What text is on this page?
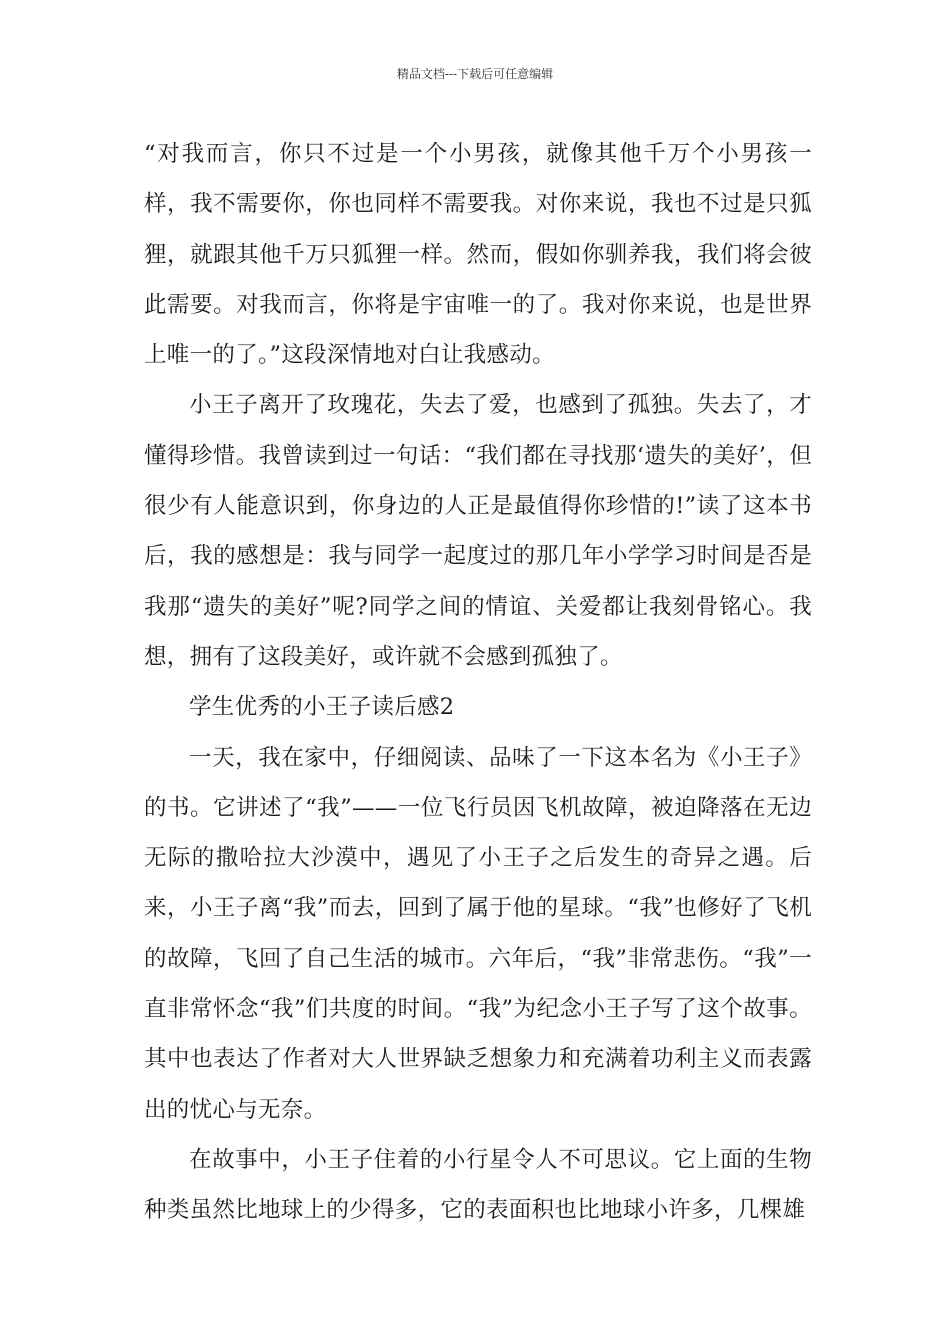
精品文档---下载后可任意编辑

“对我而言，你只不过是一个小男孩，就像其他千万个小男孩一样，我不需要你，你也同样不需要我。对你来说，我也不过是只狐狸，就跟其他千万只狐狸一样。然而，假如你驯养我，我们将会彼此需要。对我而言，你将是宇宙唯一的了。我对你来说，也是世界上唯一的了。”这段深情地对白让我感动。

小王子离开了玫瑰花，失去了爱，也感到了孤独。失去了，才懂得珍惜。我曾读到过一句话：“我们都在寻找那‘遗失的美好’，但很少有人能意识到，你身边的人正是最值得你珍惜的!”读了这本书后，我的感想是：我与同学一起度过的那几年小学学习时间是否是我那“遗失的美好”呢?同学之间的情谊、关爱都让我刻骨铭心。我想，拥有了这段美好，或许就不会感到孤独了。

学生优秀的小王子读后感2

一天，我在家中，仔细阅读、品味了一下这本名为《小王子》的书。它讲述了“我”——一位飞行员因飞机故障，被迫降落在无边无际的撒哈拉大沙漠中，遇见了小王子之后发生的奇异之遇。后来，小王子离“我”而去，回到了属于他的星球。“我”也修好了飞机的故障，飞回了自己生活的城市。六年后，“我”非常悲伤。“我”一直非常怀念“我”们共度的时间。“我”为纪念小王子写了这个故事。其中也表达了作者对大人世界缺乏想象力和充满着功利主义而表露出的忧心与无奈。

在故事中，小王子住着的小行星令人不可思议。它上面的生物种类虽然比地球上的少得多，它的表面积也比地球小许多，几棵雄
